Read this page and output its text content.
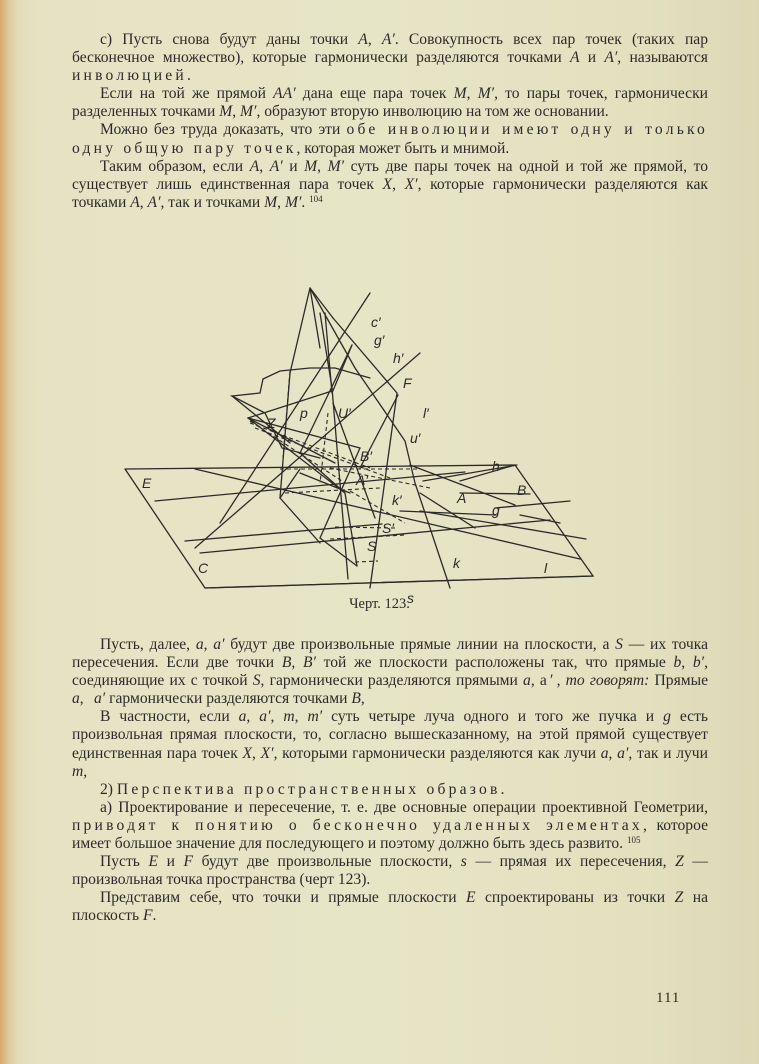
с) Пусть снова будут даны точки A, A′. Совокупность всех пар точек (таких пар бесконечное множество), которые гармонически разделяются точками A и A′, называются инволюцией.

Если на той же прямой AA′ дана еще пара точек M, M′, то пары точек, гармонически разделенных точками M, M′, образуют вторую инволюцию на том же основании.

Можно без труда доказать, что эти обе инволюции имеют одну и только одну общую пару точек, которая может быть и мнимой.

Таким образом, если A, A′ и M, M′ суть две пары точек на одной и той же прямой, то существует лишь единственная пара точек X, X′, которые гармонически разделяются как точками A, A′, так и точками M, M′. $^{104}$

E
C
Z
p U′
u′
l′
F
h′
g′
c′
B′
A′
k′
S′
S
s
h
B
A
g
k	l
Черт. 123.

Пусть, далее, a, a′ будут две произвольные прямые линии на плоскости, а S — их точка пересечения. Если две точки B, B′ той же плоскости расположены так, что прямые b, b′, соединяющие их с точкой S, гармонически разделяются прямыми a, a′, то говорят: Прямые a, a′ гармонически разделяются точками B,

В частности, если a, a′, m, m′ суть четыре луча одного и того же пучка и g есть произвольная прямая плоскости, то, согласно вышесказанному, на этой прямой существует единственная пара точек X, X′, которыми гармонически разделяются как лучи a, a′, так и лучи m,

2) Перспектива пространственных образов.

а) Проектирование и пересечение, т. е. две основные операции проективной Геометрии, приводят к понятию о бесконечно удаленных элементах, которое имеет большое значение для последующего и поэтому должно быть здесь развито. $^{105}$

Пусть E и F будут две произвольные плоскости, s — прямая их пересечения, Z — произвольная точка пространства (черт 123).

Представим себе, что точки и прямые плоскости E спроектированы из точки Z на плоскость F.

111
